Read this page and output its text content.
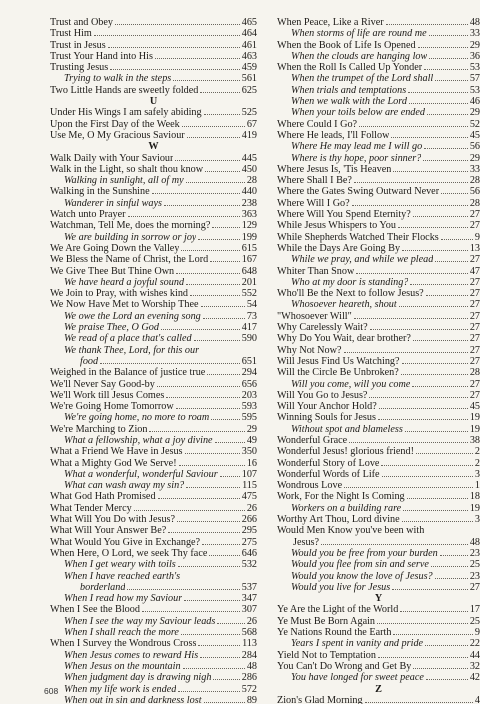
Trust and Obey	465
Trust Him	464
Trust in Jesus	461
Trust Your Hand into His	463
Trusting Jesus	459
Trying to walk in the steps	561
Two Little Hands are sweetly folded	625
U
Under His Wings I am safely abiding	525
Upon the First Day of the Week	67
Use Me, O My Gracious Saviour	419
W
Walk Daily with Your Saviour	445
Walk in the Light, so shalt thou know	450
Walking in sunlight, all of my	28
Walking in the Sunshine	440
Wanderer in sinful ways	238
Watch unto Prayer	363
Watchman, Tell Me, does the morning?	129
We are building in sorrow or joy	199
We Are Going Down the Valley	615
We Bless the Name of Christ, the Lord	167
We Give Thee But Thine Own	648
We have heard a joyful sound	201
We Join to Pray, with wishes kind	552
We Now Have Met to Worship Thee	54
We owe the Lord an evening song	73
We praise Thee, O God	417
We read of a place that's called	590
We thank Thee, Lord, for this our
food	651
Weighed in the Balance of justice true	294
We'll Never Say Good-by	656
We'll Work till Jesus Comes	203
We're Going Home Tomorrow	593
We're going home, no more to roam	595
We're Marching to Zion	29
What a fellowship, what a joy divine	49
What a Friend We Have in Jesus	350
What a Mighty God We Serve!	16
What a wonderful, wonderful Saviour 107
What can wash away my sin?	115
What God Hath Promised	475
What Tender Mercy	26
What Will You Do with Jesus?	266
What Will Your Answer Be?	295
What Would You Give in Exchange?	275
When Here, O Lord, we seek Thy face	646
When I get weary with toils	532
When I have reached earth's
borderland	537
When I read how my Saviour	347
When I See the Blood	307
When I see the way my Saviour leads	26
When I shall reach the more	568
When I Survey the Wondrous Cross	113
When Jesus comes to reward His	284
When Jesus on the mountain	48
When judgment day is drawing nigh	286
When my life work is ended	572
When out in sin and darkness lost	89
When Peace, Like a River	48
When storms of life are round me	33
When the Book of Life Is Opened	29
When the clouds are hanging low	36
When the Roll Is Called Up Yonder	53
When the trumpet of the Lord shall	57
When trials and temptations	53
When we walk with the Lord	46
When your toils below are ended	29
Where Could I Go?	52
Where He leads, I'll Follow	45
Where He may lead me I will go	56
Where is thy hope, poor sinner?	29
Where Jesus Is, 'Tis Heaven	33
Where Shall I Be?	28
Where the Gates Swing Outward Never	56
Where Will I Go?	28
Where Will You Spend Eternity?	27
While Jesus Whispers to You	27
While Shepherds Watched Their Flocks	9
While the Days Are Going By	13
While we pray, and while we plead	27
Whiter Than Snow	47
Who at my door is standing?	27
Who'll Be the Next to follow Jesus?	27
Whosoever heareth, shout	27
"Whosoever Will"	27
Why Carelessly Wait?	27
Why Do You Wait, dear brother?	27
Why Not Now?	27
Will Jesus Find Us Watching?	27
Will the Circle Be Unbroken?	28
Will you come, will you come	27
Will You Go to Jesus?	27
Will Your Anchor Hold?	45
Winning Souls for Jesus	19
Without spot and blameless	19
Wonderful Grace	38
Wonderful Jesus! glorious friend!	2
Wonderful Story of Love	2
Wonderful Words of Life	3
Wondrous Love	1
Work, For the Night Is Coming	18
Workers on a building rare	19
Worthy Art Thou, Lord divine	3
Would Men Know you've been with
Jesus?	48
Would you be free from your burden	23
Would you flee from sin and serve	25
Would you know the love of Jesus?	23
Would you live for Jesus	27
Y
Ye Are the Light of the World	17
Ye Must Be Born Again	25
Ye Nations Round the Earth	9
Years I spent in vanity and pride	22
Yield Not to Temptation	44
You Can't Do Wrong and Get By	32
You have longed for sweet peace	42
Z
Zion's Glad Morning	4
608
